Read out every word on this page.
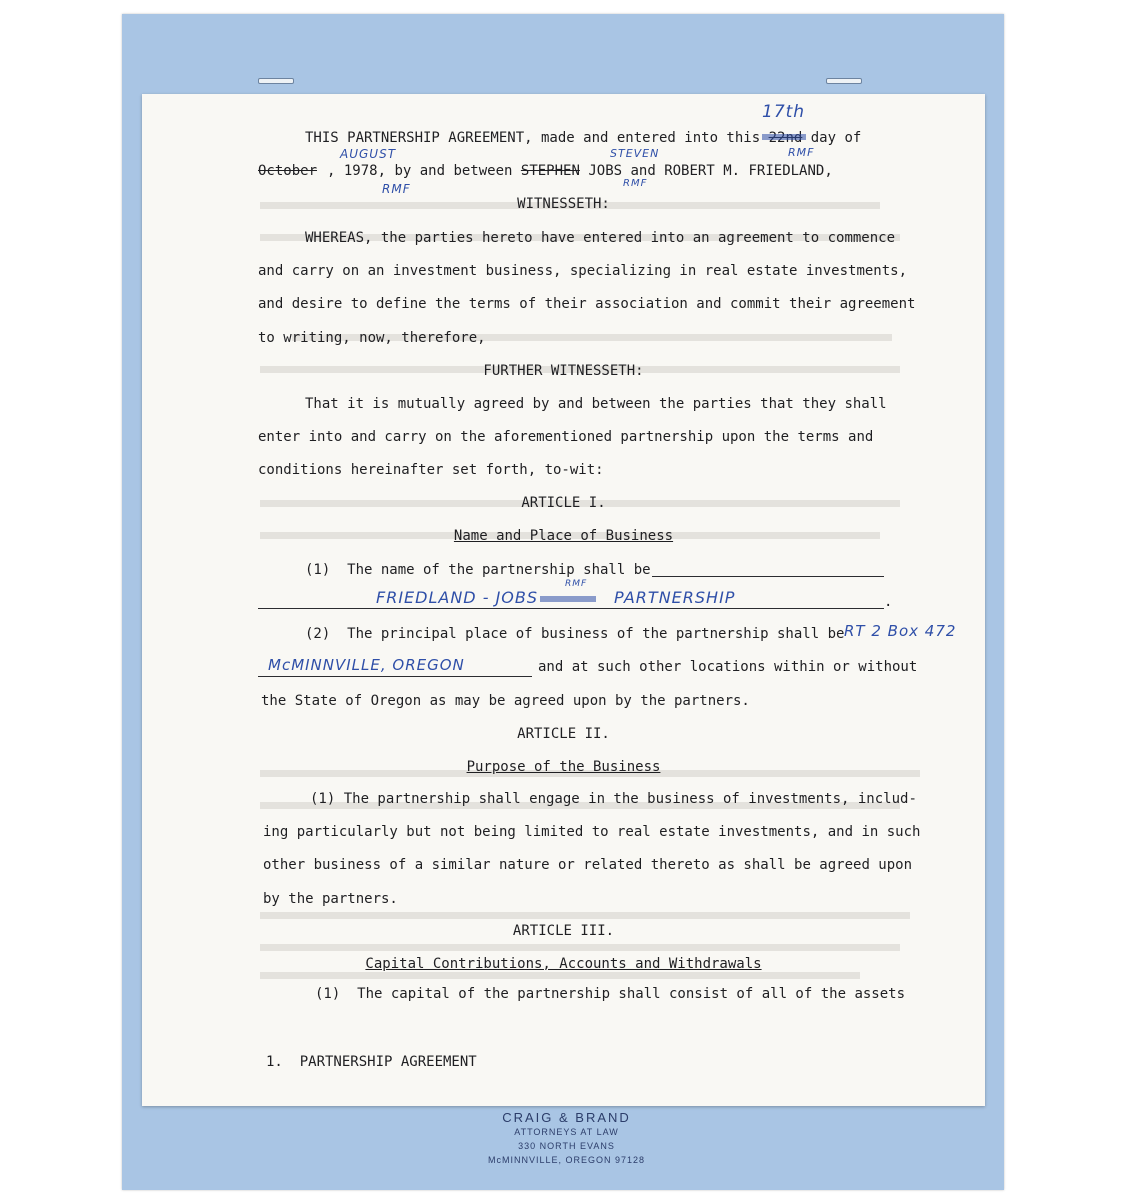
THIS PARTNERSHIP AGREEMENT, made and entered into this	day of
October , 1978, by and between STEPHEN JOBS and ROBERT M. FRIEDLAND,
WITNESSETH:
WHEREAS, the parties hereto have entered into an agreement to commence
and carry on an investment business, specializing in real estate investments,
and desire to define the terms of their association and commit their agreement
to writing, now, therefore,
FURTHER WITNESSETH:
That it is mutually agreed by and between the parties that they shall
enter into and carry on the aforementioned partnership upon the terms and
conditions hereinafter set forth, to-wit:
ARTICLE I.
Name and Place of Business
(1)  The name of the partnership shall be
.
(2)  The principal place of business of the partnership shall be
and at such other locations within or without
the State of Oregon as may be agreed upon by the partners.
ARTICLE II.
Purpose of the Business
(1) The partnership shall engage in the business of investments, includ-
ing particularly but not being limited to real estate investments, and in such
other business of a similar nature or related thereto as shall be agreed upon
by the partners.
ARTICLE III.
Capital Contributions, Accounts and Withdrawals
(1)  The capital of the partnership shall consist of all of the assets
1.  PARTNERSHIP AGREEMENT
17th
RMF
AUGUST
RMF
STEVEN
RMF
FRIEDLAND - JOBS
RMF
PARTNERSHIP
RT 2 Box 472
McMINNVILLE, OREGON
CRAIG & BRAND
ATTORNEYS AT LAW
330 NORTH EVANS
McMINNVILLE, OREGON 97128
